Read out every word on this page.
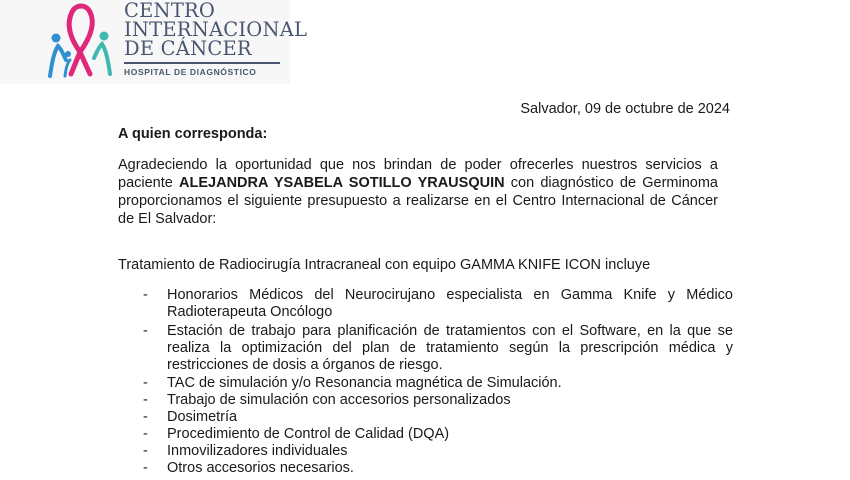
CENTRO
INTERNACIONAL
DE CÁNCER
HOSPITAL DE DIAGNÓSTICO
Salvador, 09 de octubre de 2024
A quien corresponda:
Agradeciendo la oportunidad que nos brindan de poder ofrecerles nuestros servicios a paciente ALEJANDRA YSABELA SOTILLO YRAUSQUIN con diagnóstico de Germinoma proporcionamos el siguiente presupuesto a realizarse en el Centro Internacional de Cáncer de El Salvador:
Tratamiento de Radiocirugía Intracraneal con equipo GAMMA KNIFE ICON incluye
- Honorarios Médicos del Neurocirujano especialista en Gamma Knife y Médico Radioterapeuta Oncólogo
- Estación de trabajo para planificación de tratamientos con el Software, en la que se realiza la optimización del plan de tratamiento según la prescripción médica y restricciones de dosis a órganos de riesgo.
- TAC de simulación y/o Resonancia magnética de Simulación.
- Trabajo de simulación con accesorios personalizados
- Dosimetría
- Procedimiento de Control de Calidad (DQA)
- Inmovilizadores individuales
- Otros accesorios necesarios.
